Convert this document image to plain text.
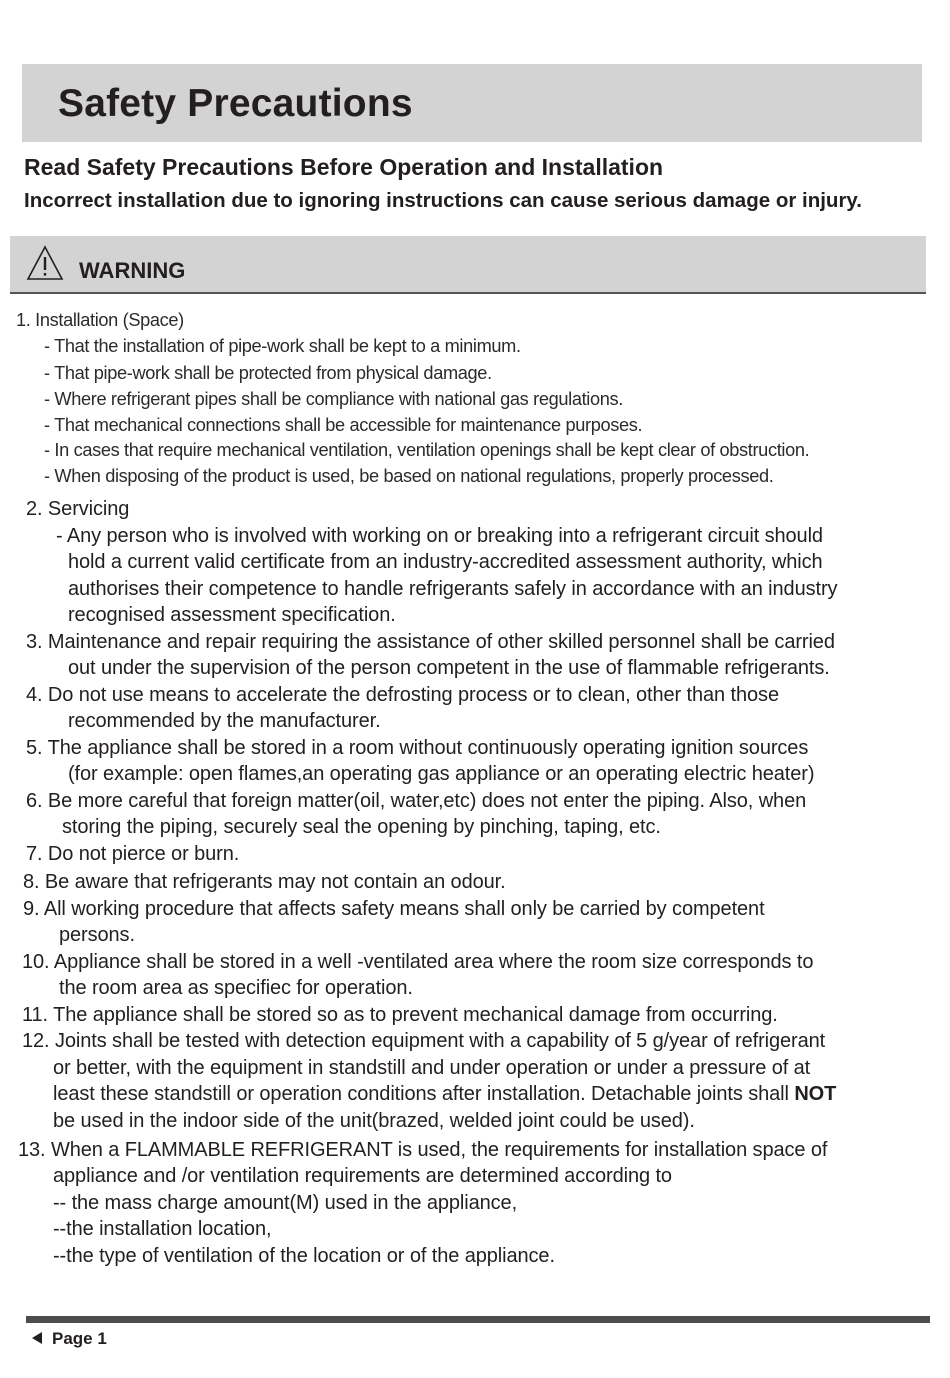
Safety Precautions

Read Safety Precautions Before Operation and Installation

Incorrect installation due to ignoring instructions can cause serious damage or injury.

WARNING

1. Installation (Space)

- That the installation of pipe-work shall be kept to a minimum.

- That pipe-work shall be protected from physical damage.

- Where refrigerant pipes shall be compliance with national gas regulations.

- That mechanical connections shall be accessible for maintenance purposes.

- In cases that require mechanical ventilation, ventilation openings shall be kept clear of obstruction.

- When disposing of the product is used, be based on national regulations, properly processed.

2. Servicing

- Any person who is involved with working on or breaking into a refrigerant circuit should

hold a current valid certificate from an industry-accredited assessment authority, which

authorises their competence to handle refrigerants safely in accordance with an industry

recognised assessment specification.

3. Maintenance and repair requiring the assistance of other skilled personnel shall be carried

out under the supervision of the person competent in the use of flammable refrigerants.

4. Do not use means to accelerate the defrosting process or to clean, other than those

recommended by the manufacturer.

5. The appliance shall be stored in a room without continuously operating ignition sources

(for example: open flames,an operating gas appliance or an operating electric heater)

6. Be more careful that foreign matter(oil, water,etc) does not enter the piping. Also, when

storing the piping, securely seal the opening by pinching, taping, etc.

7. Do not pierce or burn.

8. Be aware that refrigerants may not contain an odour.

9. All working procedure that affects safety means shall only be carried by competent

persons.

10. Appliance shall be stored in a well -ventilated area where the room size corresponds to

the room area as specifiec for operation.

11. The appliance shall be stored so as to prevent mechanical damage from occurring.

12. Joints shall be tested with detection equipment with a capability of 5 g/year of refrigerant

or better, with the equipment in standstill and under operation or under a pressure of at

least these standstill or operation conditions after installation. Detachable joints shall NOT

be used in the indoor side of the unit(brazed, welded joint could be used).

13. When a FLAMMABLE REFRIGERANT is used, the requirements for installation space of

appliance and /or ventilation requirements are determined according to

-- the mass charge amount(M) used in the appliance,

--the installation location,

--the type of ventilation of the location or of the appliance.

Page 1
